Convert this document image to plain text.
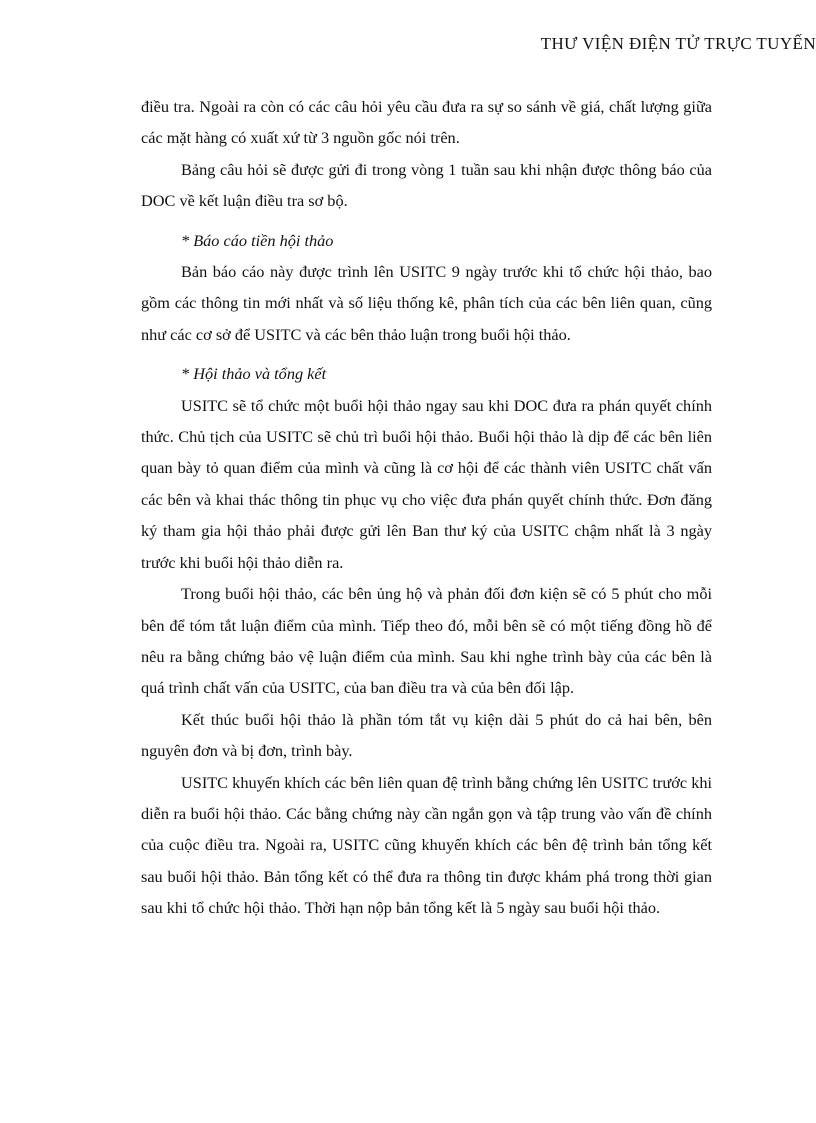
THƯ VIỆN ĐIỆN TỬ TRỰC TUYẾN

điều tra. Ngoài ra còn có các câu hỏi yêu cầu đưa ra sự so sánh về giá, chất lượng giữa các mặt hàng có xuất xứ từ 3 nguồn gốc nói trên.

Bảng câu hỏi sẽ được gửi đi trong vòng 1 tuần sau khi nhận được thông báo của DOC về kết luận điều tra sơ bộ.

* Báo cáo tiền hội thảo

Bản báo cáo này được trình lên USITC 9 ngày trước khi tổ chức hội thảo, bao gồm các thông tin mới nhất và số liệu thống kê, phân tích của các bên liên quan, cũng như các cơ sở để USITC và các bên thảo luận trong buổi hội thảo.

* Hội thảo và tổng kết

USITC sẽ tổ chức một buổi hội thảo ngay sau khi DOC đưa ra phán quyết chính thức. Chủ tịch của USITC sẽ chủ trì buổi hội thảo. Buổi hội thảo là dịp để các bên liên quan bày tỏ quan điểm của mình và cũng là cơ hội để các thành viên USITC chất vấn các bên và khai thác thông tin phục vụ cho việc đưa phán quyết chính thức. Đơn đăng ký tham gia hội thảo phải được gửi lên Ban thư ký của USITC chậm nhất là 3 ngày trước khi buổi hội thảo diễn ra.

Trong buổi hội thảo, các bên ủng hộ và phản đối đơn kiện sẽ có 5 phút cho mỗi bên để tóm tắt luận điểm của mình. Tiếp theo đó, mỗi bên sẽ có một tiếng đồng hồ để nêu ra bằng chứng bảo vệ luận điểm của mình. Sau khi nghe trình bày của các bên là quá trình chất vấn của USITC, của ban điều tra và của bên đối lập.

Kết thúc buổi hội thảo là phần tóm tắt vụ kiện dài 5 phút do cả hai bên, bên nguyên đơn và bị đơn, trình bày.

USITC khuyến khích các bên liên quan đệ trình bằng chứng lên USITC trước khi diễn ra buổi hội thảo. Các bằng chứng này cần ngắn gọn và tập trung vào vấn đề chính của cuộc điều tra. Ngoài ra, USITC cũng khuyến khích các bên đệ trình bản tổng kết sau buổi hội thảo. Bản tổng kết có thể đưa ra thông tin được khám phá trong thời gian sau khi tổ chức hội thảo. Thời hạn nộp bản tổng kết là 5 ngày sau buổi hội thảo.
